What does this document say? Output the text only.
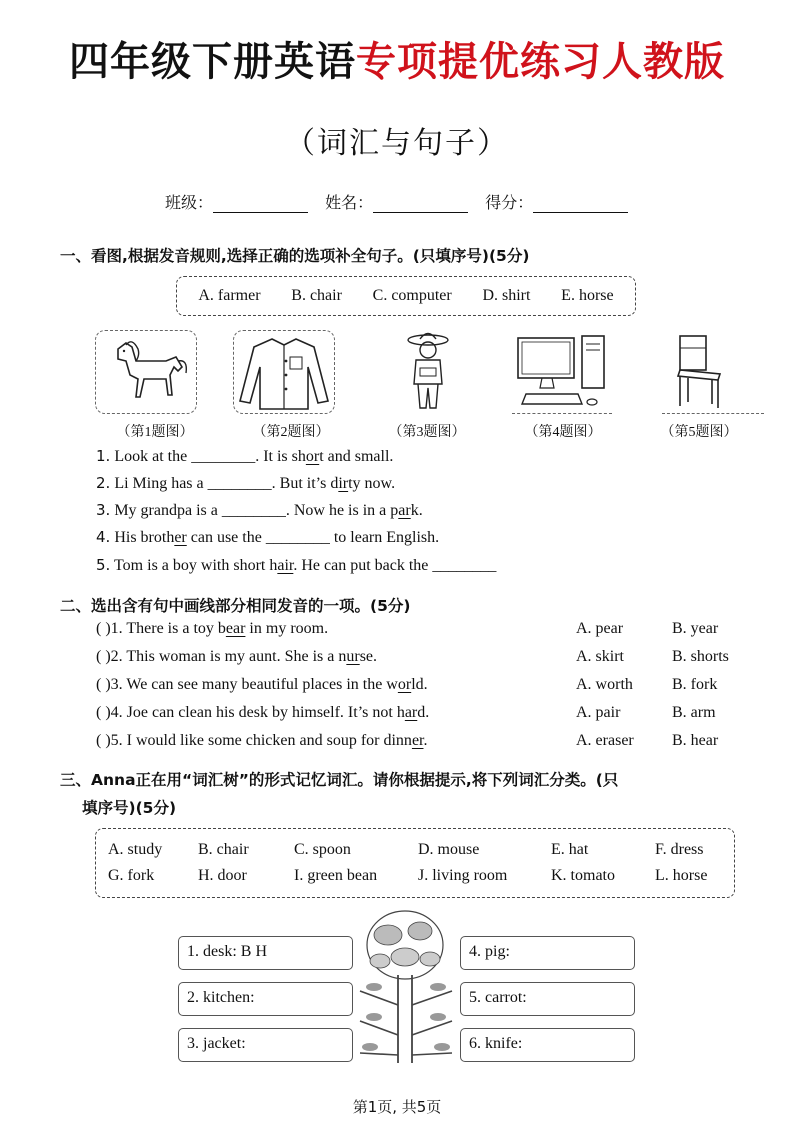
四年级下册英语专项提优练习人教版
（词汇与句子）
班级：	姓名：	得分：
一、看图,根据发音规则,选择正确的选项补全句子。(只填序号)(5分)
A. farmer B. chair C. computer D. shirt E. horse
（第1题图）	（第2题图）	（第3题图）	（第4题图）	（第5题图）
1. Look at the ________. It is short and small.
2. Li Ming has a ________. But it’s dirty now.
3. My grandpa is a ________. Now he is in a park.
4. His brother can use the ________ to learn English.
5. Tom is a boy with short hair. He can put back the ________
二、选出含有句中画线部分相同发音的一项。(5分)
( )1. There is a toy bear in my room.	A. pear	B. year
( )2. This woman is my aunt. She is a nurse.	A. skirt	B. shorts
( )3. We can see many beautiful places in the world.	A. worth B. fork
( )4. Joe can clean his desk by himself. It’s not hard.	A. pair	B. arm
( )5. I would like some chicken and soup for dinner.	A. eraser B. hear
三、Anna正在用“词汇树”的形式记忆词汇。请你根据提示,将下列词汇分类。(只
填序号)(5分)
A. study B. chair	C. spoon	D. mouse	E. hat	F. dress
G. fork	H. door	I. green bean	J. living room	K. tomato	L. horse
1. desk: B H
2. kitchen:
3. jacket:
4. pig:
5. carrot:
6. knife:
第1页, 共5页
